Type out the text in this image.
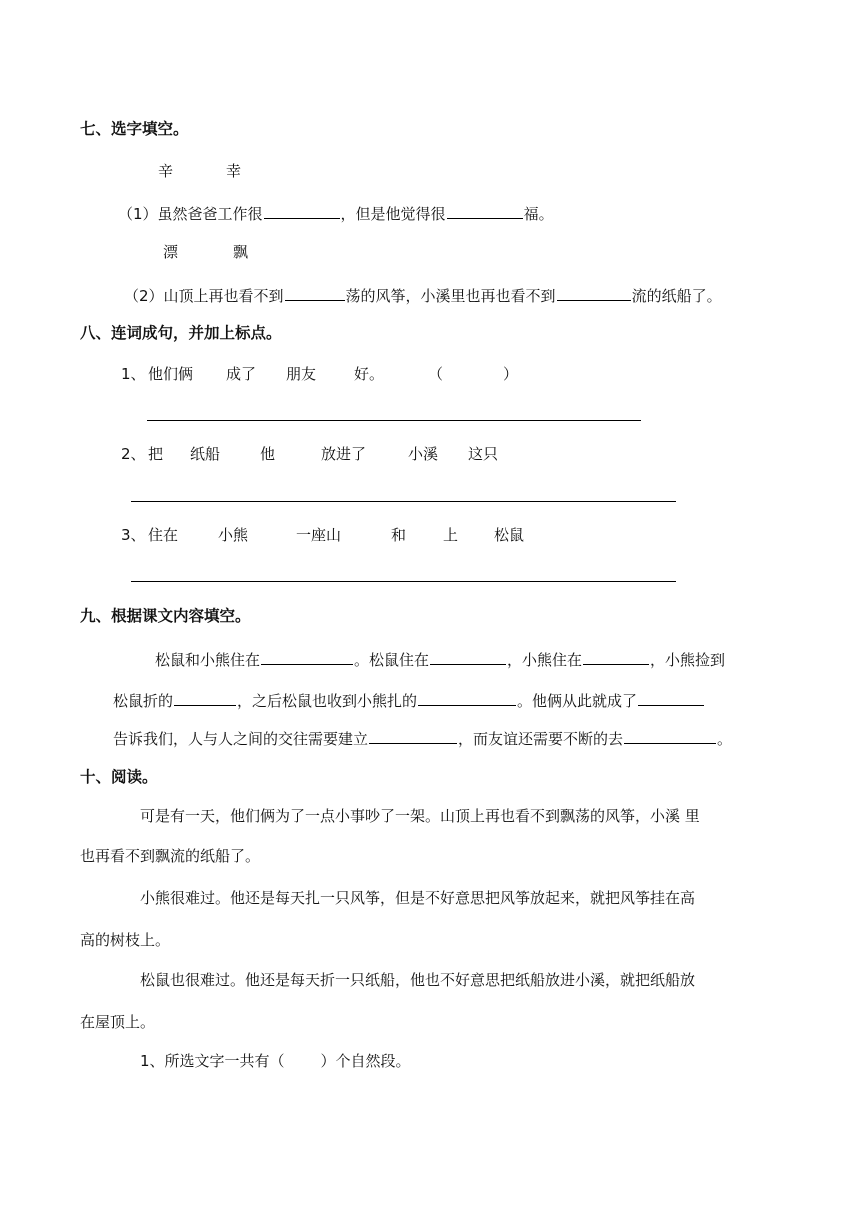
七、选字填空。
辛	幸
（1）虽然爸爸工作很	，但是他觉得很	福。
漂	飘
（2）山顶上再也看不到	荡的风筝，小溪里也再也看不到	流的纸船了。
八、连词成句，并加上标点。
1、 他们俩 成了 朋友	好。	（　　　　）
2、 把 纸船	他	放进了	小溪 这只
3、 住在	小熊	一座山	和 上 松鼠
九、根据课文内容填空。
松鼠和小熊住在	。松鼠住在	，小熊住在	，小熊捡到
松鼠折的	，之后松鼠也收到小熊扎的	。他俩从此就成了
告诉我们，人与人之间的交往需要建立	，而友谊还需要不断的去	。
十、阅读。
可是有一天，他们俩为了一点小事吵了一架。山顶上再也看不到飘荡的风筝，小溪 里
也再看不到飘流的纸船了。
小熊很难过。他还是每天扎一只风筝，但是不好意思把风筝放起来，就把风筝挂在高
高的树枝上。
松鼠也很难过。他还是每天折一只纸船，他也不好意思把纸船放进小溪，就把纸船放
在屋顶上。
1、所选文字一共有（ ）个自然段。
